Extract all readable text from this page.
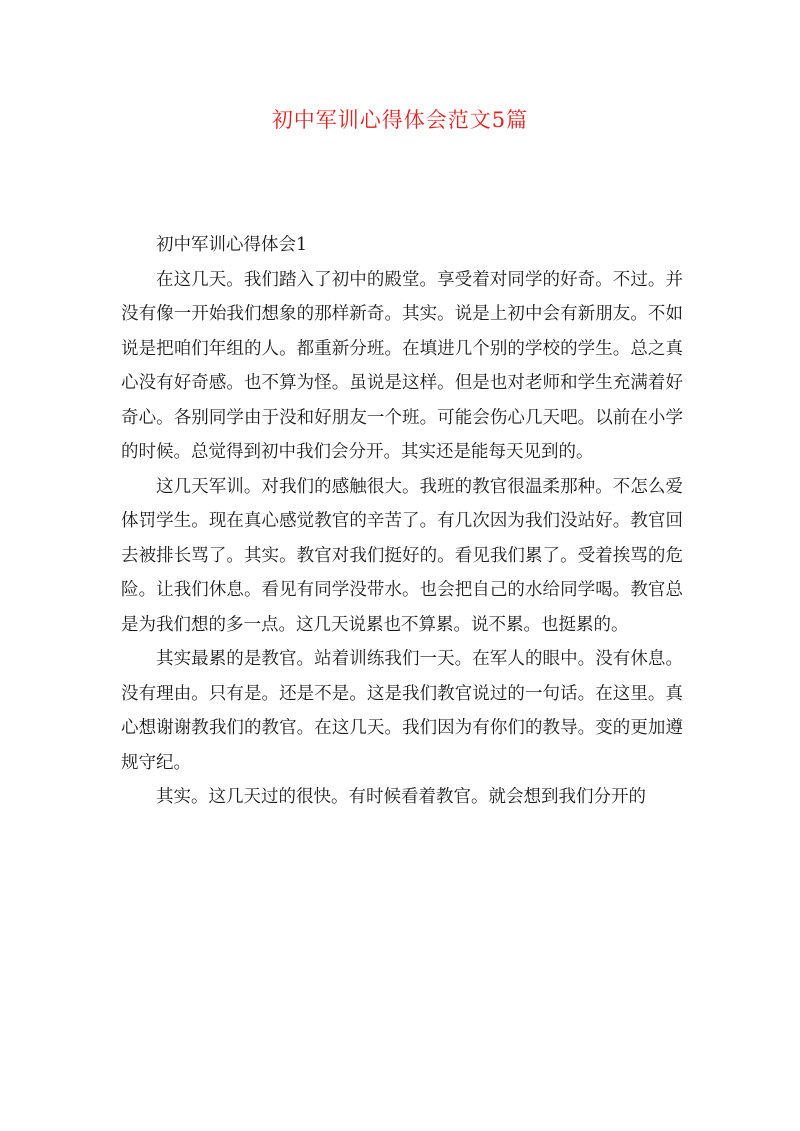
初中军训心得体会范文5篇

初中军训心得体会1

在这几天。我们踏入了初中的殿堂。享受着对同学的好奇。不过。并没有像一开始我们想象的那样新奇。其实。说是上初中会有新朋友。不如说是把咱们年组的人。都重新分班。在填进几个别的学校的学生。总之真心没有好奇感。也不算为怪。虽说是这样。但是也对老师和学生充满着好奇心。各别同学由于没和好朋友一个班。可能会伤心几天吧。以前在小学的时候。总觉得到初中我们会分开。其实还是能每天见到的。

这几天军训。对我们的感触很大。我班的教官很温柔那种。不怎么爱体罚学生。现在真心感觉教官的辛苦了。有几次因为我们没站好。教官回去被排长骂了。其实。教官对我们挺好的。看见我们累了。受着挨骂的危险。让我们休息。看见有同学没带水。也会把自己的水给同学喝。教官总是为我们想的多一点。这几天说累也不算累。说不累。也挺累的。

其实最累的是教官。站着训练我们一天。在军人的眼中。没有休息。没有理由。只有是。还是不是。这是我们教官说过的一句话。在这里。真心想谢谢教我们的教官。在这几天。我们因为有你们的教导。变的更加遵规守纪。

其实。这几天过的很快。有时候看着教官。就会想到我们分开的
